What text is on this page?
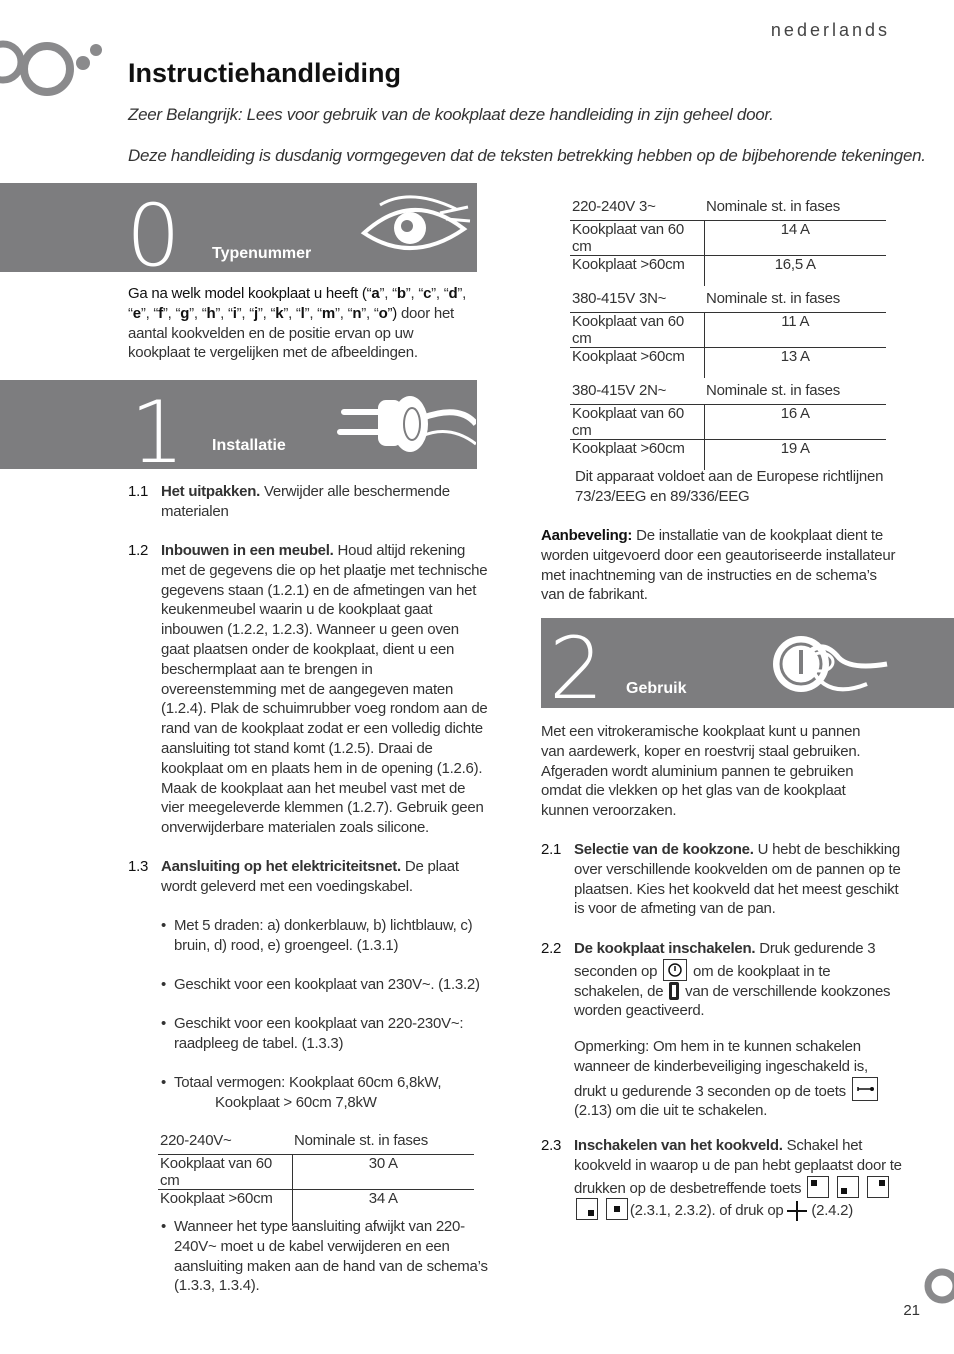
nederlands
Instructiehandleiding
Zeer Belangrijk: Lees voor gebruik van de kookplaat deze handleiding in zijn geheel door.
Deze handleiding is dusdanig vormgegeven dat de teksten betrekking hebben op de bijbehorende tekeningen.
0 Typenummer
Ga na welk model kookplaat u heeft (“a”, “b”, “c”, “d”, “e”, “f”, “g”, “h”, “i”, “j”, “k”, “l”, “m”, “n”, “o”) door het aantal kookvelden en de positie ervan op uw kookplaat te vergelijken met de afbeeldingen.
1 Installatie
1.1 Het uitpakken. Verwijder alle beschermende materialen
1.2 Inbouwen in een meubel. Houd altijd rekening met de gegevens die op het plaatje met technische gegevens staan (1.2.1) en de afmetingen van het keukenmeubel waarin u de kookplaat gaat inbouwen (1.2.2, 1.2.3). Wanneer u geen oven gaat plaatsen onder de kookplaat, dient u een beschermplaat aan te brengen in overeenstemming met de aangegeven maten (1.2.4). Plak de schuimrubber voeg rondom aan de rand van de kookplaat zodat er een volledig dichte aansluiting tot stand komt (1.2.5). Draai de kookplaat om en plaats hem in de opening (1.2.6). Maak de kookplaat aan het meubel vast met de vier meegeleverde klemmen (1.2.7). Gebruik geen onverwijderbare materialen zoals silicone.
1.3 Aansluiting op het elektriciteitsnet. De plaat wordt geleverd met een voedingskabel.
• Met 5 draden: a) donkerblauw, b) lichtblauw, c) bruin, d) rood, e) groengeel. (1.3.1)
• Geschikt voor een kookplaat van 230V~. (1.3.2)
• Geschikt voor een kookplaat van 220-230V~: raadpleeg de tabel. (1.3.3)
• Totaal vermogen: Kookplaat 60cm 6,8kW,
Kookplaat > 60cm 7,8kW
220-240V~	Nominale st. in fases
Kookplaat van 60 cm	30 A
Kookplaat >60cm	34 A
• Wanneer het type aansluiting afwijkt van 220-240V~ moet u de kabel verwijderen en een aansluiting maken aan de hand van de schema’s (1.3.3, 1.3.4).
220-240V 3~	Nominale st. in fases
Kookplaat van 60 cm	14 A
Kookplaat >60cm	16,5 A
380-415V 3N~	Nominale st. in fases
Kookplaat van 60 cm	11 A
Kookplaat >60cm	13 A
380-415V 2N~	Nominale st. in fases
Kookplaat van 60 cm	16 A
Kookplaat >60cm	19 A
Dit apparaat voldoet aan de Europese richtlijnen 73/23/EEG en 89/336/EEG
Aanbeveling: De installatie van de kookplaat dient te worden uitgevoerd door een geautoriseerde installateur met inachtneming van de instructies en de schema’s van de fabrikant.
2 Gebruik
Met een vitrokeramische kookplaat kunt u pannen van aardewerk, koper en roestvrij staal gebruiken. Afgeraden wordt aluminium pannen te gebruiken omdat die vlekken op het glas van de kookplaat kunnen veroorzaken.
2.1 Selectie van de kookzone. U hebt de beschikking over verschillende kookvelden om de pannen op te plaatsen. Kies het kookveld dat het meest geschikt is voor de afmeting van de pan.
2.2 De kookplaat inschakelen. Druk gedurende 3 seconden op
om de kookplaat in te schakelen, de  van de verschillende kookzones worden geactiveerd.
Opmerking: Om hem in te kunnen schakelen wanneer de kinderbeveiliging ingeschakeld is, drukt u gedurende 3 seconden op de toets
(2.13) om die uit te schakelen.
2.3 Inschakelen van het kookveld. Schakel het kookveld in waarop u de pan hebt geplaatst door te drukken op de desbetreffende toets

(2.3.1, 2.3.2). of druk op
(2.4.2)
21
